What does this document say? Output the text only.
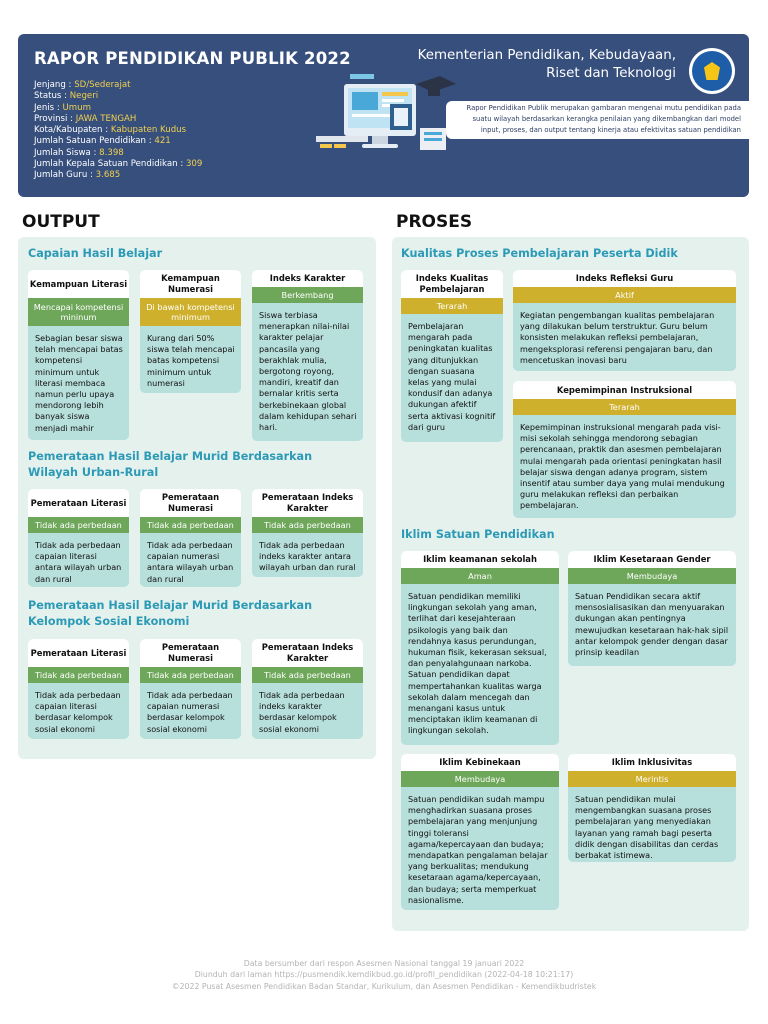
RAPOR PENDIDIKAN PUBLIK 2022
Jenjang : SD/Sederajat
Status : Negeri
Jenis : Umum
Provinsi : JAWA TENGAH
Kota/Kabupaten : Kabupaten Kudus
Jumlah Satuan Pendidikan : 421
Jumlah Siswa : 8.398
Jumlah Kepala Satuan Pendidikan : 309
Jumlah Guru : 3.685
Kementerian Pendidikan, Kebudayaan,
Riset dan Teknologi
Rapor Pendidikan Publik merupakan gambaran mengenai mutu pendidikan pada suatu wilayah berdasarkan kerangka penilaian yang dikembangkan dari model input, proses, dan output tentang kinerja atau efektivitas satuan pendidikan
OUTPUT	PROSES
Capaian Hasil Belajar
Kemampuan Literasi
Mencapai kompetensi mininum
Sebagian besar siswa telah mencapai batas kompetensi minimum untuk literasi membaca namun perlu upaya mendorong lebih banyak siswa menjadi mahir
Kemampuan Numerasi
Di bawah kompetensi minimum
Kurang dari 50% siswa telah mencapai batas kompetensi minimum untuk numerasi
Indeks Karakter
Berkembang
Siswa terbiasa menerapkan nilai-nilai karakter pelajar pancasila yang berakhlak mulia, bergotong royong, mandiri, kreatif dan bernalar kritis serta berkebinekaan global dalam kehidupan sehari hari.
Pemerataan Hasil Belajar Murid Berdasarkan Wilayah Urban-Rural
Pemerataan Literasi
Tidak ada perbedaan
Tidak ada perbedaan capaian literasi antara wilayah urban dan rural
Pemerataan Numerasi
Tidak ada perbedaan
Tidak ada perbedaan capaian numerasi antara wilayah urban dan rural
Pemerataan Indeks Karakter
Tidak ada perbedaan
Tidak ada perbedaan indeks karakter antara wilayah urban dan rural
Pemerataan Hasil Belajar Murid Berdasarkan Kelompok Sosial Ekonomi
Pemerataan Literasi
Tidak ada perbedaan
Tidak ada perbedaan capaian literasi berdasar kelompok sosial ekonomi
Pemerataan Numerasi
Tidak ada perbedaan
Tidak ada perbedaan capaian numerasi berdasar kelompok sosial ekonomi
Pemerataan Indeks Karakter
Tidak ada perbedaan
Tidak ada perbedaan indeks karakter berdasar kelompok sosial ekonomi
Kualitas Proses Pembelajaran Peserta Didik
Indeks Kualitas Pembelajaran
Terarah
Pembelajaran mengarah pada peningkatan kualitas yang ditunjukkan dengan suasana kelas yang mulai kondusif dan adanya dukungan afektif serta aktivasi kognitif dari guru
Indeks Refleksi Guru
Aktif
Kegiatan pengembangan kualitas pembelajaran yang dilakukan belum terstruktur. Guru belum konsisten melakukan refleksi pembelajaran, mengeksplorasi referensi pengajaran baru, dan mencetuskan inovasi baru
Kepemimpinan Instruksional
Terarah
Kepemimpinan instruksional mengarah pada visi-misi sekolah sehingga mendorong sebagian perencanaan, praktik dan asesmen pembelajaran mulai mengarah pada orientasi peningkatan hasil belajar siswa dengan adanya program, sistem insentif atau sumber daya yang mulai mendukung guru melakukan refleksi dan perbaikan pembelajaran.
Iklim Satuan Pendidikan
Iklim keamanan sekolah
Aman
Satuan pendidikan memiliki lingkungan sekolah yang aman, terlihat dari kesejahteraan psikologis yang baik dan rendahnya kasus perundungan, hukuman fisik, kekerasan seksual, dan penyalahgunaan narkoba. Satuan pendidikan dapat mempertahankan kualitas warga sekolah dalam mencegah dan menangani kasus untuk menciptakan iklim keamanan di lingkungan sekolah.
Iklim Kesetaraan Gender
Membudaya
Satuan Pendidikan secara aktif mensosialisasikan dan menyuarakan dukungan akan pentingnya mewujudkan kesetaraan hak-hak sipil antar kelompok gender dengan dasar prinsip keadilan
Iklim Kebinekaan
Membudaya
Satuan pendidikan sudah mampu menghadirkan suasana proses pembelajaran yang menjunjung tinggi toleransi agama/kepercayaan dan budaya; mendapatkan pengalaman belajar yang berkualitas; mendukung kesetaraan agama/kepercayaan, dan budaya; serta memperkuat nasionalisme.
Iklim Inklusivitas
Merintis
Satuan pendidikan mulai mengembangkan suasana proses pembelajaran yang menyediakan layanan yang ramah bagi peserta didik dengan disabilitas dan cerdas berbakat istimewa.
Data bersumber dari respon Asesmen Nasional tanggal 19 januari 2022
Diunduh dari laman https://pusmendik.kemdikbud.go.id/profil_pendidikan (2022-04-18 10:21:17)
©2022 Pusat Asesmen Pendidikan Badan Standar, Kurikulum, dan Asesmen Pendidikan - Kemendikbudristek
